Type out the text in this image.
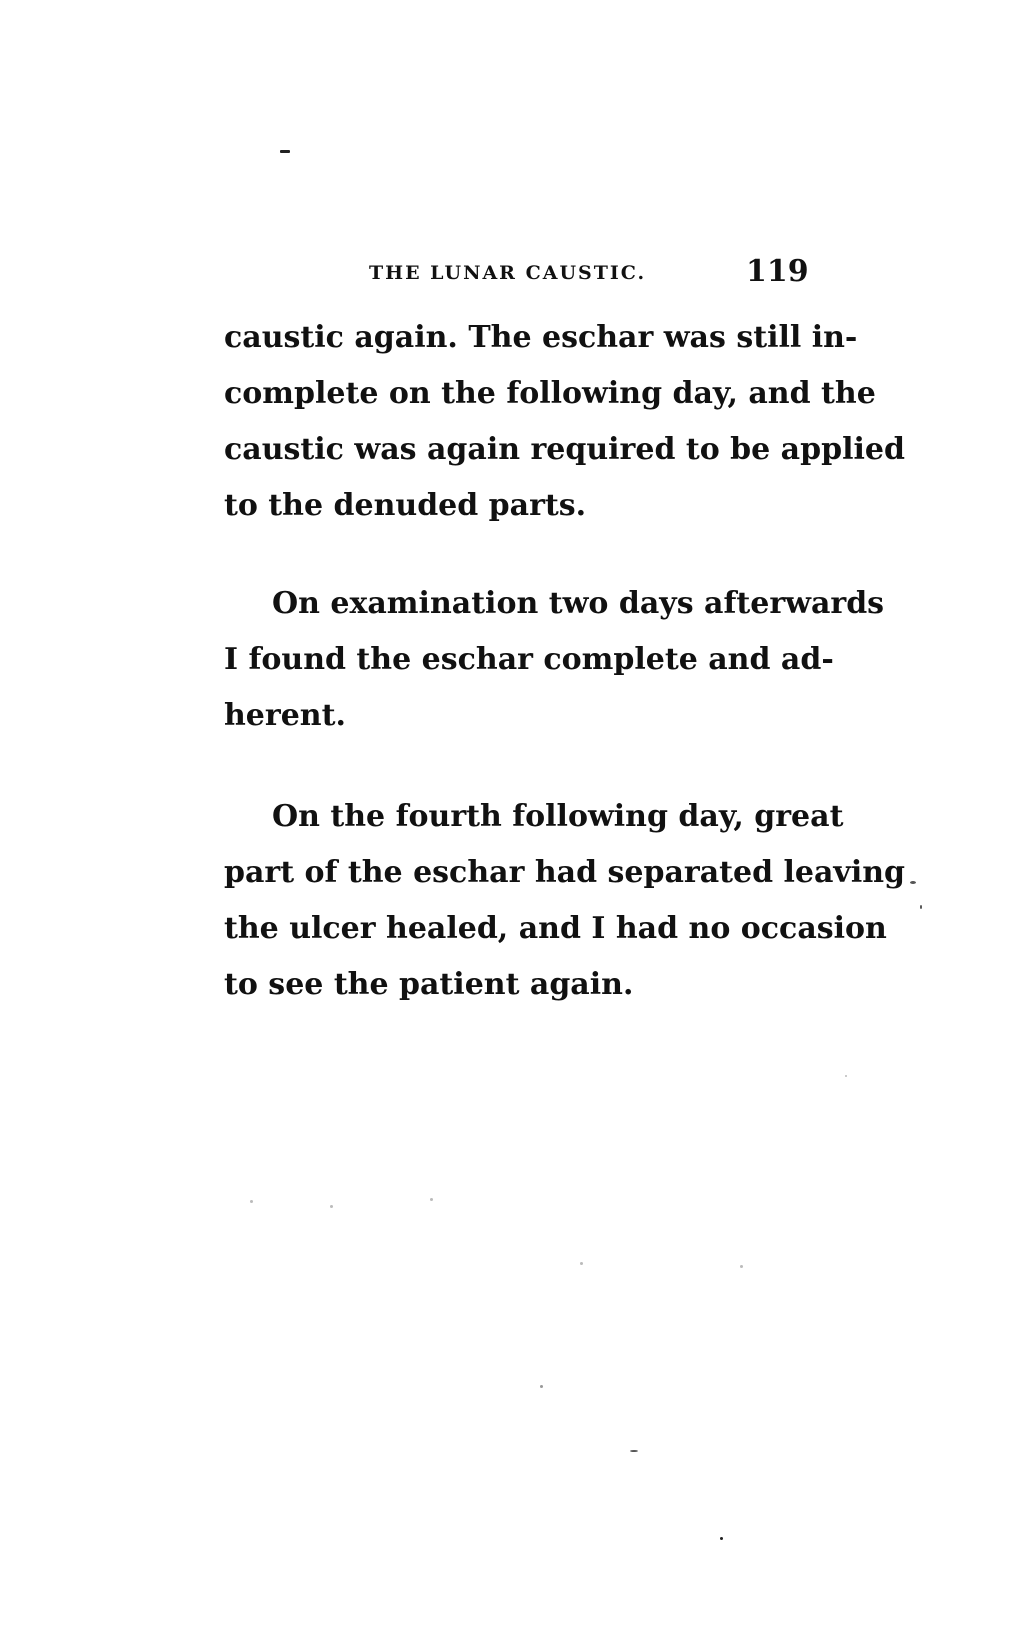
THE LUNAR CAUSTIC.	119
caustic again. The eschar was still in-
complete on the following day, and the
caustic was again required to be applied
to the denuded parts.
On examination two days afterwards
I found the eschar complete and ad-
herent.
On the fourth following day, great
part of the eschar had separated leaving
the ulcer healed, and I had no occasion
to see the patient again.
